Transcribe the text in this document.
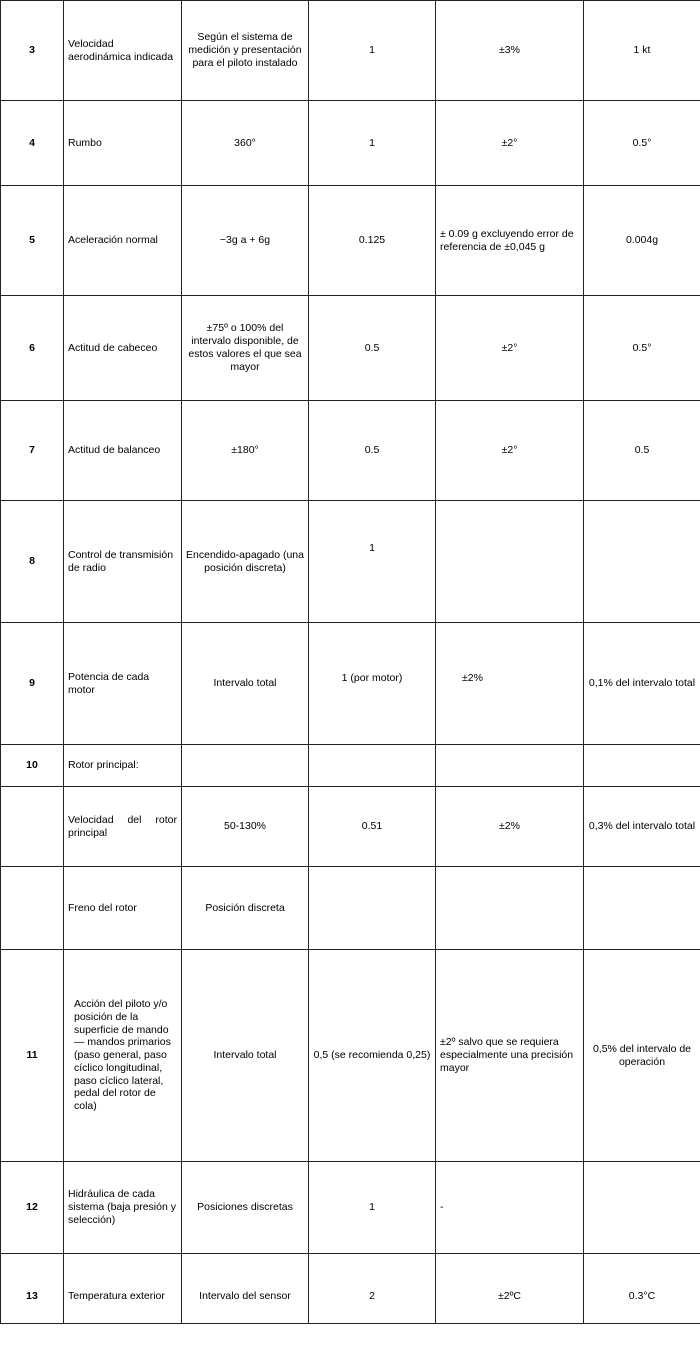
3	Velocidad aerodinámica indicada	Según el sistema de medición y presentación para el piloto instalado	1	±3%	1 kt
4	Rumbo	360°	1	±2°	0.5°
5	Aceleración normal	−3g a + 6g	0.125	± 0.09 g excluyendo error de referencia de ±0,045 g	0.004g
6	Actitud de cabeceo	±75º o 100% del intervalo disponible, de estos valores el que sea mayor	0.5	±2°	0.5°
7	Actitud de balanceo	±180°	0.5	±2°	0.5
8	Control de transmisión de radio	Encendido-apagado (una posición discreta)	1		
9	Potencia de cada motor	Intervalo total	1 (por motor)	±2%	0,1% del intervalo total
10	Rotor principal:				
	Velocidad del rotor principal	50-130%	0.51	±2%	0,3% del intervalo total
	Freno del rotor	Posición discreta			
11	Acción del piloto y/o posición de la superficie de mando — mandos primarios (paso general, paso cíclico longitudinal, paso cíclico lateral, pedal del rotor de cola)	Intervalo total	0,5 (se recomienda 0,25)	±2º salvo que se requiera especialmente una precisión mayor	0,5% del intervalo de operación
12	Hidráulica de cada sistema (baja presión y selección)	Posiciones discretas	1	-	
13	Temperatura exterior	Intervalo del sensor	2	±2ºC	0.3°C
